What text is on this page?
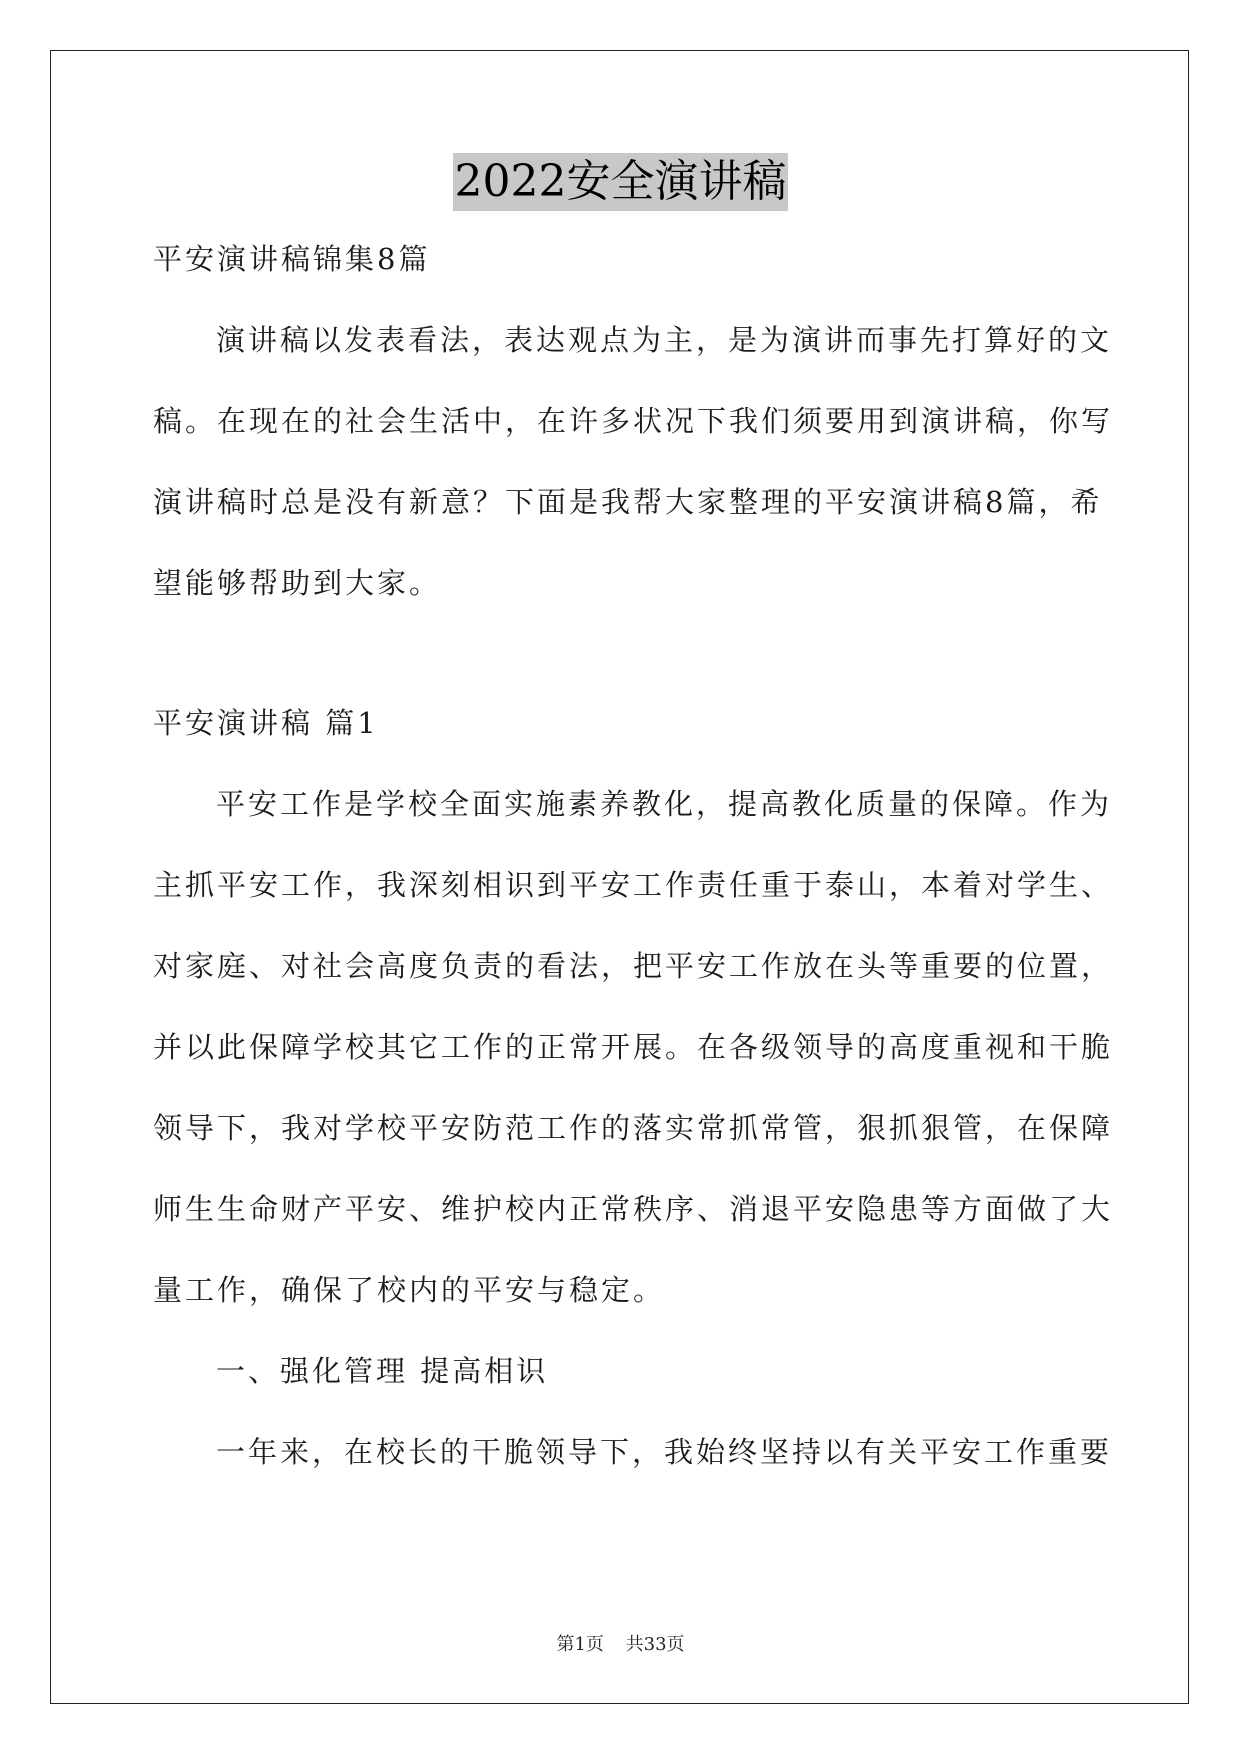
2022安全演讲稿
平安演讲稿锦集8篇
演讲稿以发表看法，表达观点为主，是为演讲而事先打算好的文
稿。在现在的社会生活中，在许多状况下我们须要用到演讲稿，你写
演讲稿时总是没有新意？下面是我帮大家整理的平安演讲稿8篇，希
望能够帮助到大家。
平安演讲稿 篇1
平安工作是学校全面实施素养教化，提高教化质量的保障。作为
主抓平安工作，我深刻相识到平安工作责任重于泰山，本着对学生、
对家庭、对社会高度负责的看法，把平安工作放在头等重要的位置，
并以此保障学校其它工作的正常开展。在各级领导的高度重视和干脆
领导下，我对学校平安防范工作的落实常抓常管，狠抓狠管，在保障
师生生命财产平安、维护校内正常秩序、消退平安隐患等方面做了大
量工作，确保了校内的平安与稳定。
一、强化管理 提高相识
一年来，在校长的干脆领导下，我始终坚持以有关平安工作重要
第1页 共33页
